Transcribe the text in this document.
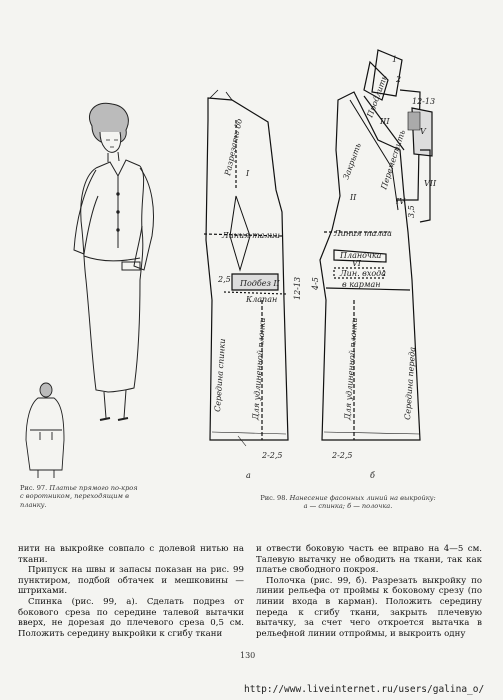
I
Линия талии
Подбез II
Клапан
2,5
2-2,5
а
Разрезать до
Середина спинки	Для удлиненной планки
12-13
II
Линия талии
Планочка
VI
Лин. входа
в карман
2-2,5
б
Середина переда
Для удлиненной планки
4-5
Закрыть Переместить
Продлить
III
IV
V
VII
12-13
3,5
2
1
Рис. 97. Платье прямого по-кроя с воротником, переходящим в планку.
Рис. 98. Нанесение фасонных линий на выкройку:
а — спинка; б — полочка.

нити на выкройке совпало с долевой нитью на ткани.

Припуск на швы и запасы показан на рис. 99 пунктиром, подбой обтачек и мешковины — штрихами.

Спинка (рис. 99, а). Сделать подрез от бокового среза по середине талевой вытачки вверх, не дорезая до плечевого среза 0,5 см. Положить середину выкройки к сгибу ткани

и отвести боковую часть ее вправо на 4—5 см. Талевую вытачку не обводить на ткани, так как платье свободного покроя.

Полочка (рис. 99, б). Разрезать выкройку по линии рельефа от проймы к боковому срезу (по линии входа в карман). Положить середину переда к сгибу ткани, закрыть плечевую вытачку, за счет чего откроется вытачка в рельефной линии отпроймы, и выкроить одну

130
http://www.liveinternet.ru/users/galina_o/
